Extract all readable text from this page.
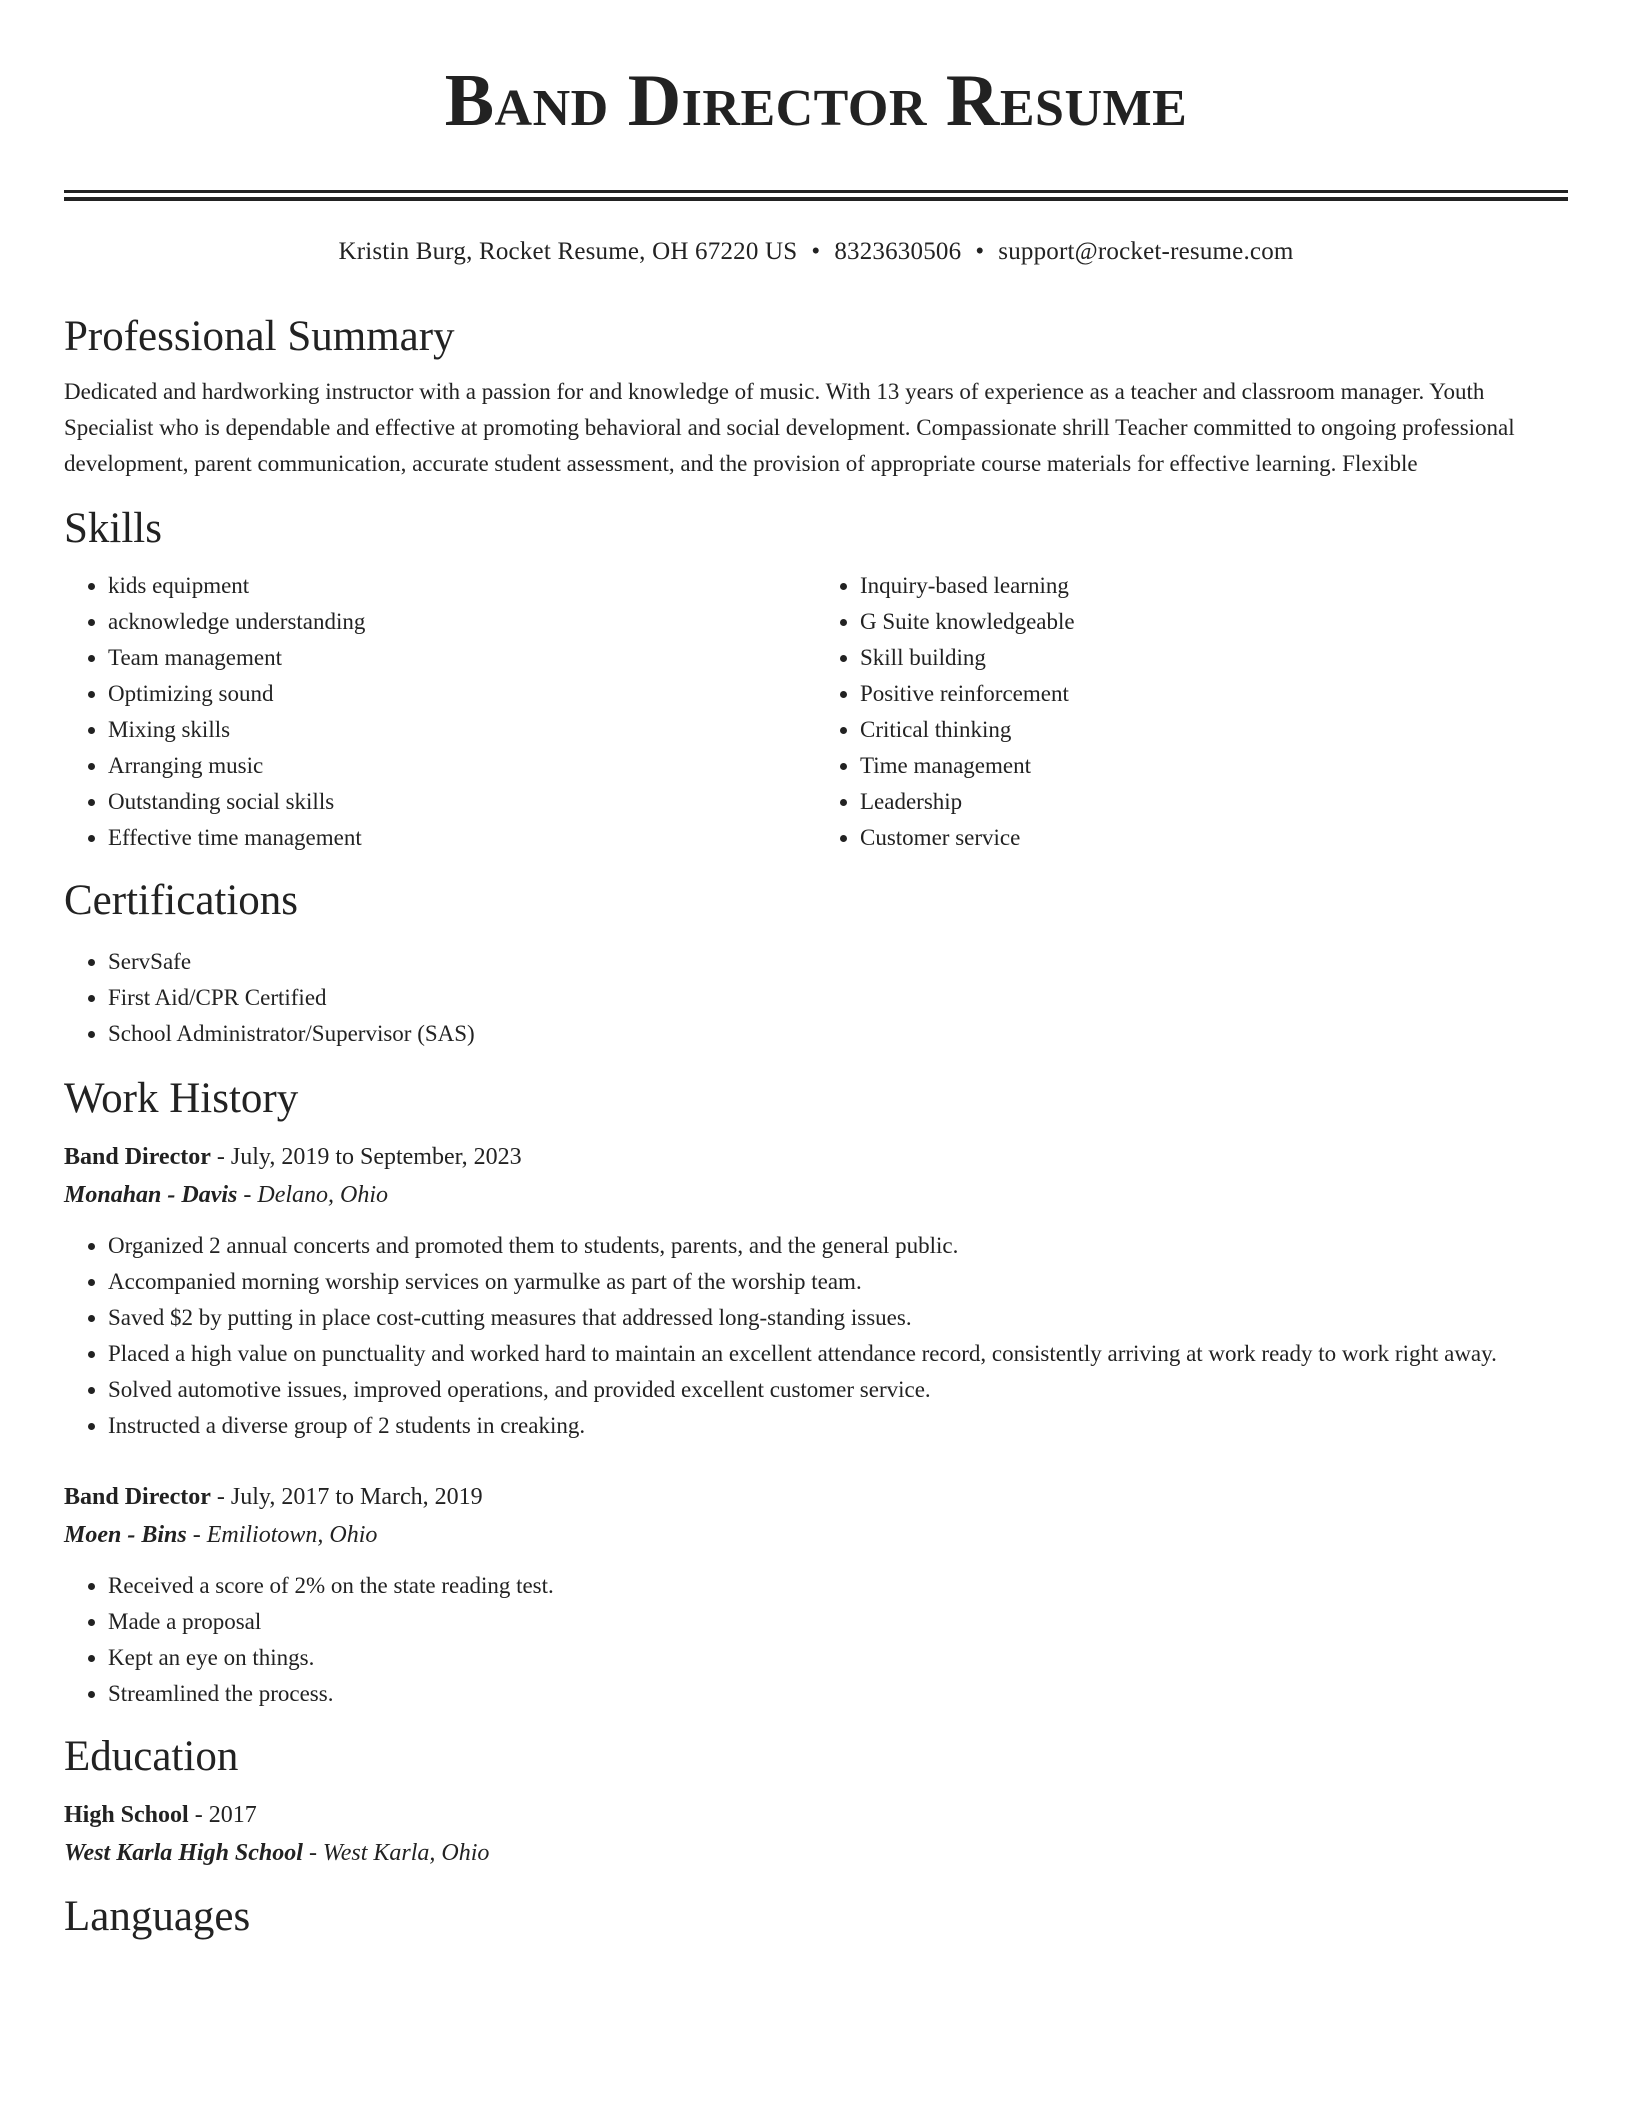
Band Director Resume
Kristin Burg, Rocket Resume, OH 67220 US • 8323630506 • support@rocket-resume.com
Professional Summary

Dedicated and hardworking instructor with a passion for and knowledge of music. With 13 years of experience as a teacher and classroom manager. Youth Specialist who is dependable and effective at promoting behavioral and social development. Compassionate shrill Teacher committed to ongoing professional development, parent communication, accurate student assessment, and the provision of appropriate course materials for effective learning. Flexible

Skills
• kids equipment
• acknowledge understanding
• Team management
• Optimizing sound
• Mixing skills
• Arranging music
• Outstanding social skills
• Effective time management
• Inquiry-based learning
• G Suite knowledgeable
• Skill building
• Positive reinforcement
• Critical thinking
• Time management
• Leadership
• Customer service
Certifications
• ServSafe
• First Aid/CPR Certified
• School Administrator/Supervisor (SAS)
Work History
Band Director - July, 2019 to September, 2023
Monahan - Davis - Delano, Ohio
• Organized 2 annual concerts and promoted them to students, parents, and the general public.
• Accompanied morning worship services on yarmulke as part of the worship team.
• Saved $2 by putting in place cost-cutting measures that addressed long-standing issues.
• Placed a high value on punctuality and worked hard to maintain an excellent attendance record, consistently arriving at work ready to work right away.
• Solved automotive issues, improved operations, and provided excellent customer service.
• Instructed a diverse group of 2 students in creaking.
Band Director - July, 2017 to March, 2019
Moen - Bins - Emiliotown, Ohio
• Received a score of 2% on the state reading test.
• Made a proposal
• Kept an eye on things.
• Streamlined the process.
Education
High School - 2017
West Karla High School - West Karla, Ohio
Languages
